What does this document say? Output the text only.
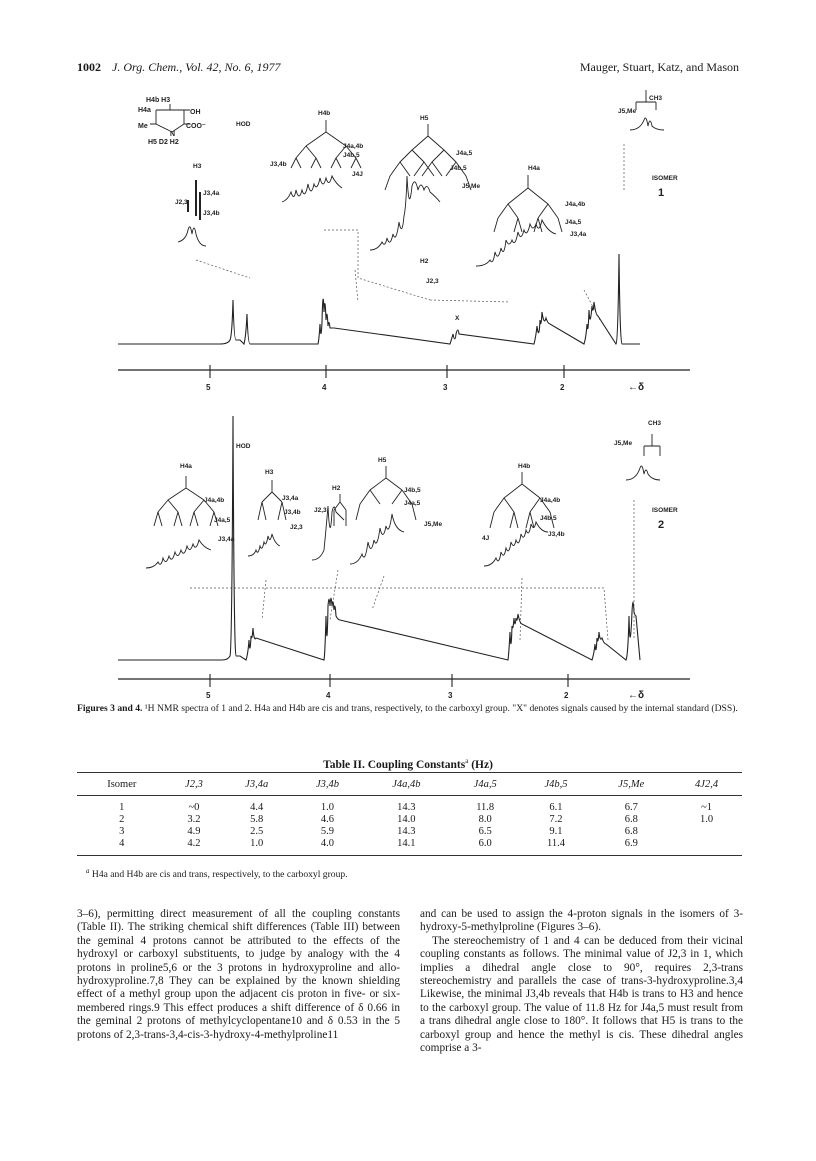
1002 J. Org. Chem., Vol. 42, No. 6, 1977	Mauger, Stuart, Katz, and Mason
H4b H3
H4a	OH
Me	COO⁻
N
H5 D2 H2
HOD
H4b
H5
H3	H4a
CH3
J5,Me
J3,4a
J2,3
J3,4b
J4a,4b
J4b,5
J3,4b
J4J
J4a,5
J4b,5
J5,Me
J4a,4b
J4a,5
J3,4a
H2
J2,3
X
ISOMER
1
5	4	3	2	←δ
HOD
H4a
H3
H2
H5
H4b
CH3
J5,Me
J4a,4b
J4a,5
J3,4a
J3,4a
J3,4b
J2,3
J2,3
J4b,5
J4a,5
J5,Me
J4a,4b
J4b,5
J3,4b
4J
ISOMER
2
5	4	3	2	←δ
Figures 3 and 4. ¹H NMR spectra of 1 and 2. H4a and H4b are cis and trans, respectively, to the carboxyl group. "X" denotes signals caused by the internal standard (DSS).
Table II. Coupling Constants$^a$ (Hz)
Isomer	J2,3	J3,4a	J3,4b	J4a,4b	J4a,5	J4b,5	J5,Me	4J2,4
1	~0	4.4	1.0	14.3	11.8	6.1	6.7	~1
2	3.2	5.8	4.6	14.0	8.0	7.2	6.8	1.0
3	4.9	2.5	5.9	14.3	6.5	9.1	6.8	
4	4.2	1.0	4.0	14.1	6.0	11.4	6.9	
$^a$ H4a and H4b are cis and trans, respectively, to the carboxyl group.

3–6), permitting direct measurement of all the coupling constants (Table II). The striking chemical shift differences (Table III) between the geminal 4 protons cannot be attributed to the effects of the hydroxyl or carboxyl substituents, to judge by analogy with the 4 protons in proline5,6 or the 3 protons in hydroxyproline and allo-hydroxyproline.7,8 They can be explained by the known shielding effect of a methyl group upon the adjacent cis proton in five- or six-membered rings.9 This effect produces a shift difference of δ 0.66 in the geminal 2 protons of methylcyclopentane10 and δ 0.53 in the 5 protons of 2,3-trans-3,4-cis-3-hydroxy-4-methylproline11

and can be used to assign the 4-proton signals in the isomers of 3-hydroxy-5-methylproline (Figures 3–6).

The stereochemistry of 1 and 4 can be deduced from their vicinal coupling constants as follows. The minimal value of J2,3 in 1, which implies a dihedral angle close to 90°, requires 2,3-trans stereochemistry and parallels the case of trans-3-hydroxyproline.3,4 Likewise, the minimal J3,4b reveals that H4b is trans to H3 and hence to the carboxyl group. The value of 11.8 Hz for J4a,5 must result from a trans dihedral angle close to 180°. It follows that H5 is trans to the carboxyl group and hence the methyl is cis. These dihedral angles comprise a 3-
